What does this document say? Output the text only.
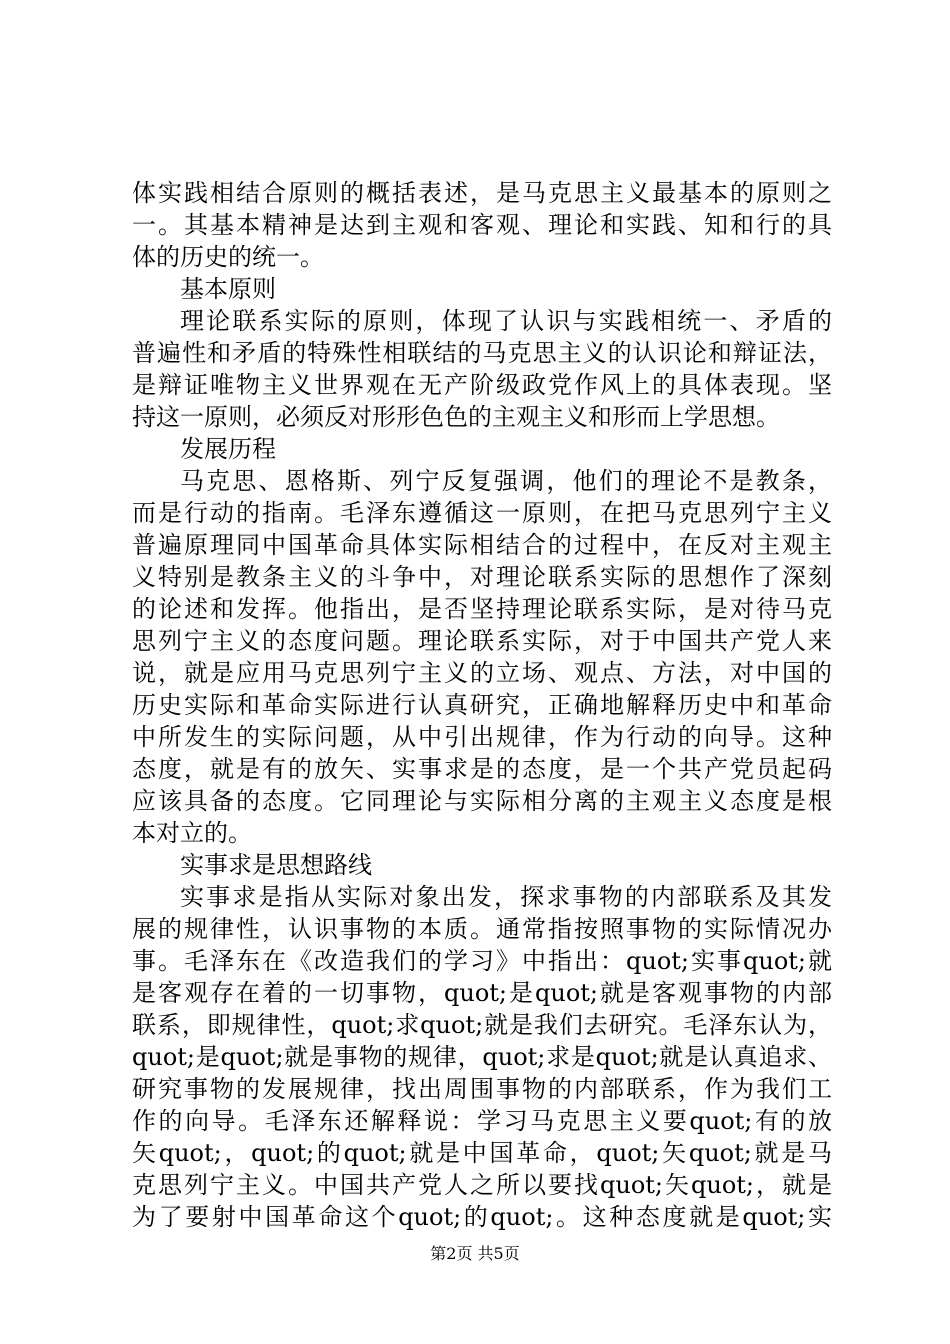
体实践相结合原则的概括表述，是马克思主义最基本的原则之
一。其基本精神是达到主观和客观、理论和实践、知和行的具
体的历史的统一。
基本原则
理论联系实际的原则，体现了认识与实践相统一、矛盾的
普遍性和矛盾的特殊性相联结的马克思主义的认识论和辩证法，
是辩证唯物主义世界观在无产阶级政党作风上的具体表现。坚
持这一原则，必须反对形形色色的主观主义和形而上学思想。
发展历程
马克思、恩格斯、列宁反复强调，他们的理论不是教条，
而是行动的指南。毛泽东遵循这一原则，在把马克思列宁主义
普遍原理同中国革命具体实际相结合的过程中，在反对主观主
义特别是教条主义的斗争中，对理论联系实际的思想作了深刻
的论述和发挥。他指出，是否坚持理论联系实际，是对待马克
思列宁主义的态度问题。理论联系实际，对于中国共产党人来
说，就是应用马克思列宁主义的立场、观点、方法，对中国的
历史实际和革命实际进行认真研究，正确地解释历史中和革命
中所发生的实际问题，从中引出规律，作为行动的向导。这种
态度，就是有的放矢、实事求是的态度，是一个共产党员起码
应该具备的态度。它同理论与实际相分离的主观主义态度是根
本对立的。
实事求是思想路线
实事求是指从实际对象出发，探求事物的内部联系及其发
展的规律性，认识事物的本质。通常指按照事物的实际情况办
事。毛泽东在《改造我们的学习》中指出：quot;实事quot;就
是客观存在着的一切事物，quot;是quot;就是客观事物的内部
联系，即规律性，quot;求quot;就是我们去研究。毛泽东认为，
quot;是quot;就是事物的规律，quot;求是quot;就是认真追求、
研究事物的发展规律，找出周围事物的内部联系，作为我们工
作的向导。毛泽东还解释说：学习马克思主义要quot;有的放
矢quot;，quot;的quot;就是中国革命，quot;矢quot;就是马
克思列宁主义。中国共产党人之所以要找quot;矢quot;，就是
为了要射中国革命这个quot;的quot;。这种态度就是quot;实
第2页 共5页
